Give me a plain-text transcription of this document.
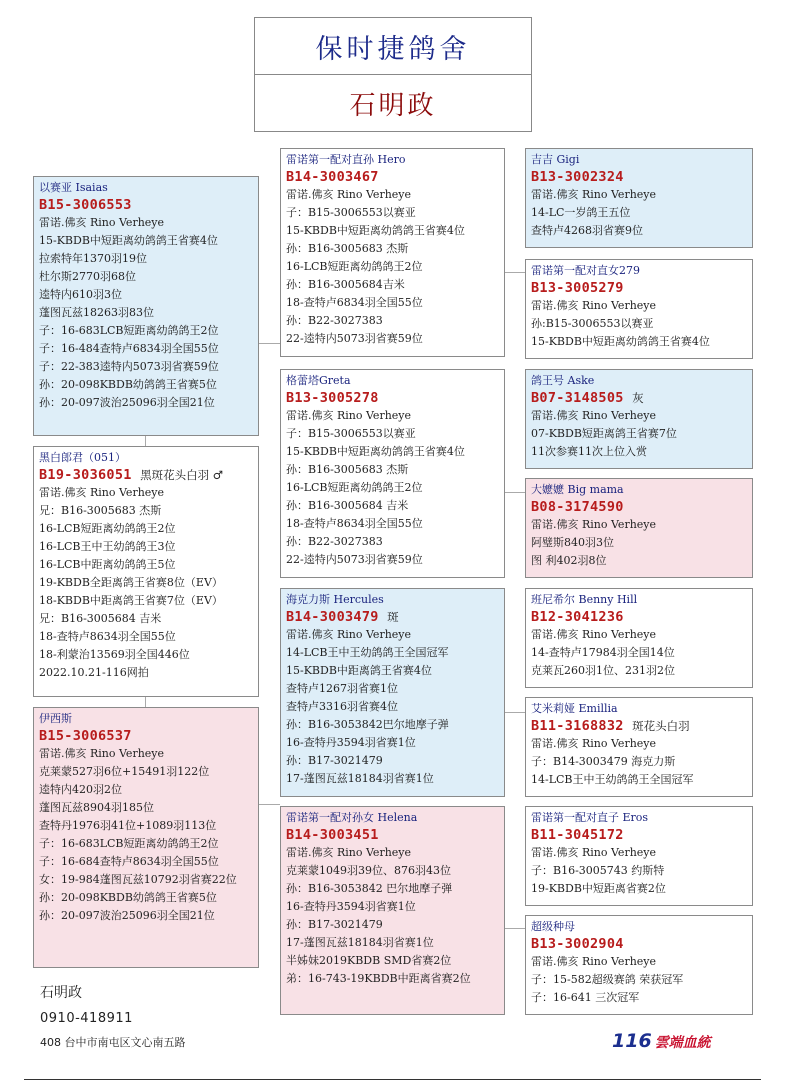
保时捷鸽舍
石明政
以赛亚 Isaias
B15-3006553
雷诺.佛亥 Rino Verheye
15-KBDB中短距离幼鸽鸽王省赛4位
拉索特年1370羽19位
杜尔斯2770羽68位
逵特内610羽3位
蓬图瓦兹18263羽83位
子：16-683LCB短距离幼鸽鸽王2位
子：16-484查特卢6834羽全国55位
子：22-383逵特内5073羽省赛59位
孙：20-098KBDB幼鸽鸽王省赛5位
孙：20-097波治25096羽全国21位
黑白郎君（051）
B19-3036051 黑斑花头白羽 ♂
雷诺.佛亥 Rino Verheye
兄：B16-3005683 杰斯
16-LCB短距离幼鸽鸽王2位
16-LCB王中王幼鸽鸽王3位
16-LCB中距离幼鸽鸽王5位
19-KBDB全距离鸽王省赛8位（EV）
18-KBDB中距离鸽王省赛7位（EV）
兄：B16-3005684 吉米
18-查特卢8634羽全国55位
18-利蒙治13569羽全国446位
2022.10.21-116网拍
伊西斯
B15-3006537
雷诺.佛亥 Rino Verheye
克莱蒙527羽6位+15491羽122位
逵特内420羽2位
蓬图瓦兹8904羽185位
查特丹1976羽41位+1089羽113位
子：16-683LCB短距离幼鸽鸽王2位
子：16-684查特卢8634羽全国55位
女：19-984蓬图瓦兹10792羽省赛22位
孙：20-098KBDB幼鸽鸽王省赛5位
孙：20-097波治25096羽全国21位
雷诺第一配对直孙 Hero
B14-3003467
雷诺.佛亥 Rino Verheye
子：B15-3006553以赛亚
15-KBDB中短距离幼鸽鸽王省赛4位
孙：B16-3005683 杰斯
16-LCB短距离幼鸽鸽王2位
孙：B16-3005684吉米
18-查特卢6834羽全国55位
孙：B22-3027383
22-逵特内5073羽省赛59位
格蕾塔Greta
B13-3005278
雷诺.佛亥 Rino Verheye
子：B15-3006553以赛亚
15-KBDB中短距离幼鸽鸽王省赛4位
孙：B16-3005683 杰斯
16-LCB短距离幼鸽鸽王2位
孙：B16-3005684 吉米
18-查特卢8634羽全国55位
孙：B22-3027383
22-逵特内5073羽省赛59位
海克力斯 Hercules
B14-3003479 斑
雷诺.佛亥 Rino Verheye
14-LCB王中王幼鸽鸽王全国冠军
15-KBDB中距离鸽王省赛4位
查特卢1267羽省赛1位
查特卢3316羽省赛4位
孙：B16-3053842巴尔地摩子弹
16-查特丹3594羽省赛1位
孙：B17-3021479
17-蓬图瓦兹18184羽省赛1位
雷诺第一配对孙女 Helena
B14-3003451
雷诺.佛亥 Rino Verheye
克莱蒙1049羽39位、876羽43位
孙：B16-3053842 巴尔地摩子弹
16-查特丹3594羽省赛1位
孙：B17-3021479
17-蓬图瓦兹18184羽省赛1位
半姊妹2019KBDB SMD省赛2位
弟：16-743-19KBDB中距离省赛2位
吉吉 Gigi
B13-3002324
雷诺.佛亥 Rino Verheye
14-LC一岁鸽王五位
查特卢4268羽省赛9位
雷诺第一配对直女279
B13-3005279
雷诺.佛亥 Rino Verheye
孙:B15-3006553以赛亚
15-KBDB中短距离幼鸽鸽王省赛4位
鸽王号 Aske
B07-3148505 灰
雷诺.佛亥 Rino Verheye
07-KBDB短距离鸽王省赛7位
11次参赛11次上位入赏
大嬷嬷 Big mama
B08-3174590
雷诺.佛亥 Rino Verheye
阿璧斯840羽3位
图 利402羽8位
班尼希尔 Benny Hill
B12-3041236
雷诺.佛亥 Rino Verheye
14-查特卢17984羽全国14位
克莱瓦260羽1位、231羽2位
艾米莉娅 Emillia
B11-3168832 斑花头白羽
雷诺.佛亥 Rino Verheye
子：B14-3003479 海克力斯
14-LCB王中王幼鸽鸽王全国冠军
雷诺第一配对直子 Eros
B11-3045172
雷诺.佛亥 Rino Verheye
子：B16-3005743 约斯特
19-KBDB中短距离省赛2位
超级种母
B13-3002904
雷诺.佛亥 Rino Verheye
子：15-582超级赛鸽 荣获冠军
子：16-641 三次冠军
石明政
0910-418911
408 台中市南屯区文心南五路	116 雲端血統
